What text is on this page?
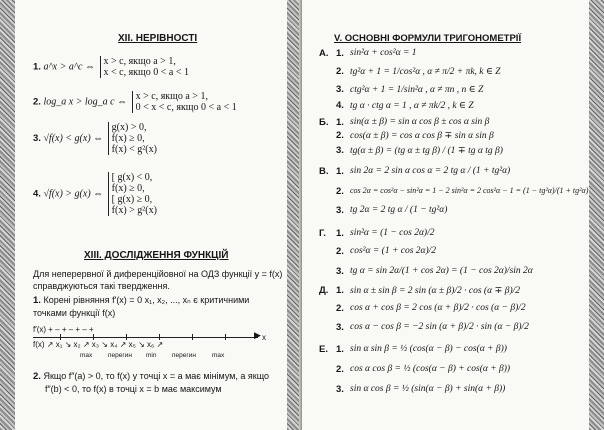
XII. НЕРІВНОСТІ
1. a^x > a^c ⇔ x > c, якщо a > 1,
x < c, якщо 0 < a < 1
2. log_a x > log_a c ⇔ x > c, якщо a > 1,
0 < x < c, якщо 0 < a < 1
3. √f(x) < g(x) ⇔
g(x) > 0,
f(x) ≥ 0,
f(x) < g²(x)
4. √f(x) > g(x) ⇔
[ g(x) < 0,
f(x) ≥ 0,
[ g(x) ≥ 0,
f(x) > g²(x)
XIII. ДОСЛІДЖЕННЯ ФУНКЦІЙ
Для неперервної й диференційовної на ОДЗ функції y = f(x) справджуються такі твердження.
1. Корені рівняння f′(x) = 0 x₁, x₂, ..., xₙ є критичними точками функції f(x)
f′(x) + – + – + – +
▶ x
f(x) ↗ x₁ ↘ x₂ ↗ x₃ ↘ x₄ ↗ x₅ ↘ x₆ ↗
max перегин min перегин max
2. Якщо f″(a) > 0, то f(x) у точці x = a має мінімум, а якщо
f″(b) < 0, то f(x) в точці x = b має максимум
V. ОСНОВНІ ФОРМУЛИ ТРИГОНОМЕТРІЇ
A. 1. sin²α + cos²α = 1
2. tg²α + 1 = 1/cos²α , α ≠ π/2 + πk, k ∈ Z
3. ctg²α + 1 = 1/sin²α , α ≠ πn , n ∈ Z
4. tg α · ctg α = 1 , α ≠ πk/2 , k ∈ Z
Б. 1. sin(α ± β) = sin α cos β ± cos α sin β
2. cos(α ± β) = cos α cos β ∓ sin α sin β
3. tg(α ± β) = (tg α ± tg β) / (1 ∓ tg α tg β)
В. 1. sin 2α = 2 sin α cos α = 2 tg α / (1 + tg²α)
2. cos 2α = cos²α − sin²α = 1 − 2 sin²α = 2 cos²α − 1 = (1 − tg²α)/(1 + tg²α)
3. tg 2α = 2 tg α / (1 − tg²α)
Г. 1. sin²α = (1 − cos 2α)/2
2. cos²α = (1 + cos 2α)/2
3. tg α = sin 2α/(1 + cos 2α) = (1 − cos 2α)/sin 2α
Д. 1. sin α ± sin β = 2 sin (α ± β)/2 · cos (α ∓ β)/2
2. cos α + cos β = 2 cos (α + β)/2 · cos (α − β)/2
3. cos α − cos β = −2 sin (α + β)/2 · sin (α − β)/2
Е. 1. sin α sin β = ½ (cos(α − β) − cos(α + β))
2. cos α cos β = ½ (cos(α − β) + cos(α + β))
3. sin α cos β = ½ (sin(α − β) + sin(α + β))
